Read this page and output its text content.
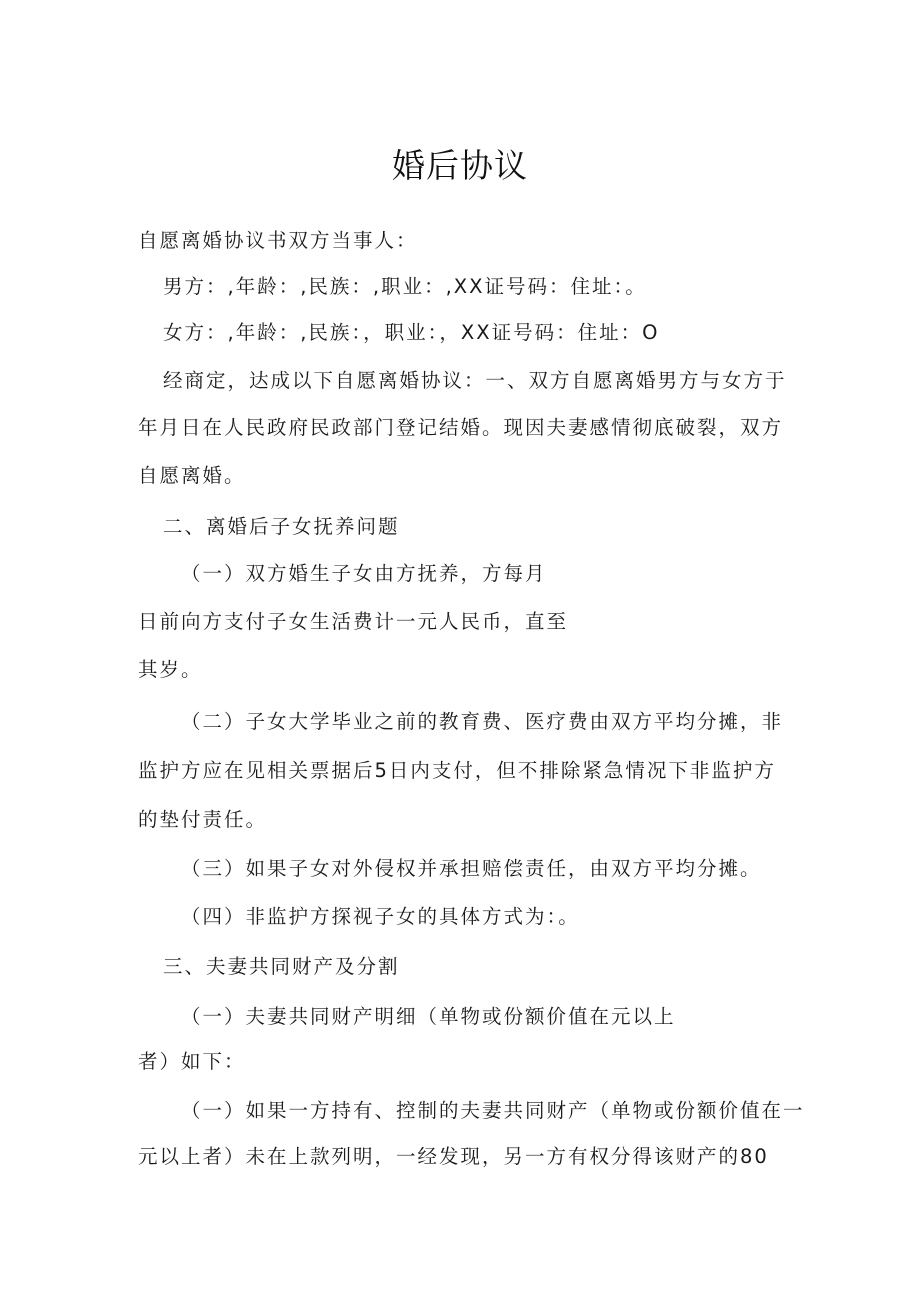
婚后协议
自愿离婚协议书双方当事人：
男方：,年龄：,民族：,职业：,XX证号码：住址：。
女方：,年龄：,民族：，职业：，XX证号码：住址：O
经商定，达成以下自愿离婚协议：一、双方自愿离婚男方与女方于
年月日在人民政府民政部门登记结婚。现因夫妻感情彻底破裂，双方
自愿离婚。
二、离婚后子女抚养问题
（一）双方婚生子女由方抚养，方每月
日前向方支付子女生活费计一元人民币，直至
其岁。
（二）子女大学毕业之前的教育费、医疗费由双方平均分摊，非
监护方应在见相关票据后5日内支付，但不排除紧急情况下非监护方
的垫付责任。
（三）如果子女对外侵权并承担赔偿责任，由双方平均分摊。
（四）非监护方探视子女的具体方式为：。
三、夫妻共同财产及分割
（一）夫妻共同财产明细（单物或份额价值在元以上
者）如下：
（一）如果一方持有、控制的夫妻共同财产（单物或份额价值在一
元以上者）未在上款列明，一经发现，另一方有权分得该财产的80
